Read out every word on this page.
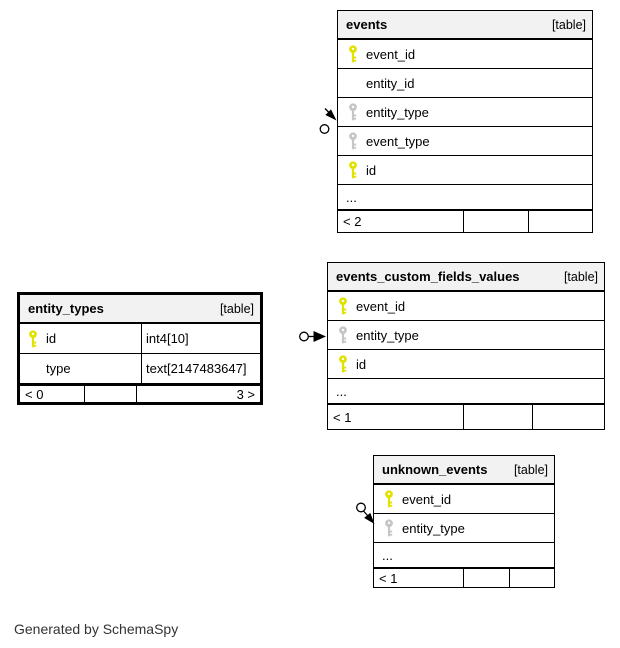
events	[table]
event_id
entity_id
entity_type
event_type
id
...
< 2
events_custom_fields_values	[table]
event_id
entity_type
id
...
< 1
entity_types	[table]
id	int4[10]
type	text[2147483647]
< 0	3 >
unknown_events [table]
event_id
entity_type
...
< 1
Generated by SchemaSpy
